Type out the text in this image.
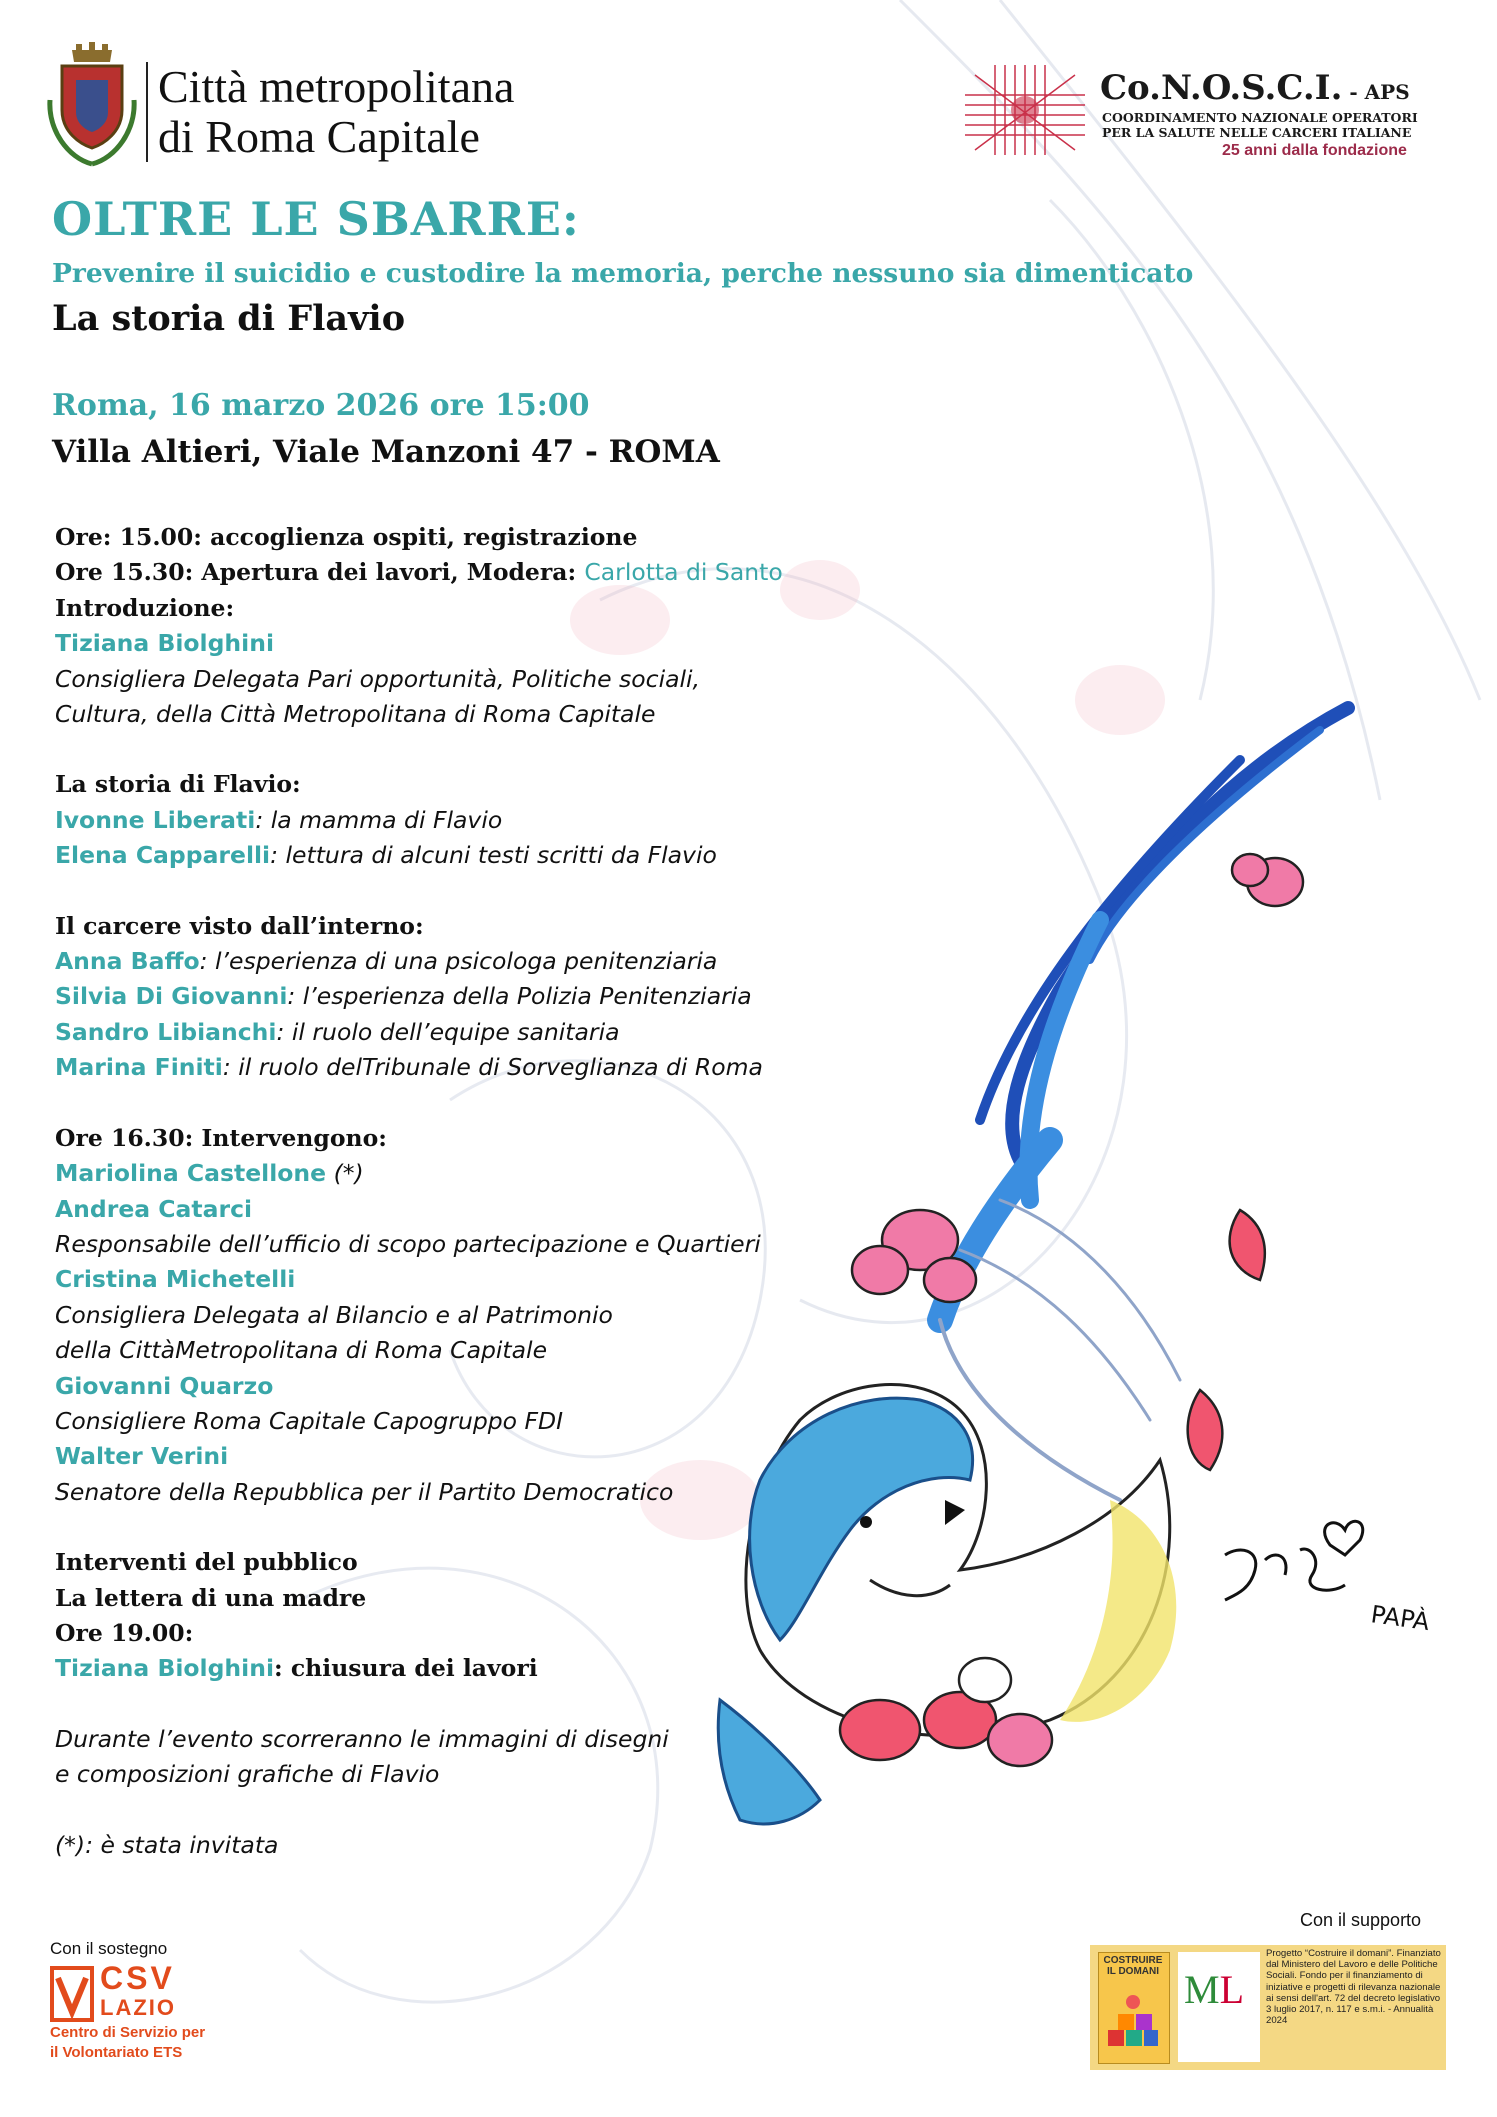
PAPÀ
Città metropolitana
di Roma Capitale
Co.N.O.S.C.I. - APS
COORDINAMENTO NAZIONALE OPERATORI
PER LA SALUTE NELLE CARCERI ITALIANE
25 anni dalla fondazione
OLTRE LE SBARRE:
Prevenire il suicidio e custodire la memoria, perche nessuno sia dimenticato
La storia di Flavio
Roma, 16 marzo 2026 ore 15:00
Villa Altieri, Viale Manzoni 47 - ROMA
Ore: 15.00: accoglienza ospiti, registrazione
Ore 15.30: Apertura dei lavori, Modera: Carlotta di Santo
Introduzione:
Tiziana Biolghini
Consigliera Delegata Pari opportunità, Politiche sociali,
Cultura, della Città Metropolitana di Roma Capitale
La storia di Flavio:
Ivonne Liberati: la mamma di Flavio
Elena Capparelli: lettura di alcuni testi scritti da Flavio
Il carcere visto dall’interno:
Anna Baffo: l’esperienza di una psicologa penitenziaria
Silvia Di Giovanni: l’esperienza della Polizia Penitenziaria
Sandro Libianchi: il ruolo dell’equipe sanitaria
Marina Finiti: il ruolo delTribunale di Sorveglianza di Roma
Ore 16.30: Intervengono:
Mariolina Castellone (*)
Andrea Catarci
Responsabile dell’ufficio di scopo partecipazione e Quartieri
Cristina Michetelli
Consigliera Delegata al Bilancio e al Patrimonio
della CittàMetropolitana di Roma Capitale
Giovanni Quarzo
Consigliere Roma Capitale Capogruppo FDI
Walter Verini
Senatore della Repubblica per il Partito Democratico
Interventi del pubblico
La lettera di una madre
Ore 19.00:
Tiziana Biolghini: chiusura dei lavori
Durante l’evento scorreranno le immagini di disegni
e composizioni grafiche di Flavio
(*): è stata invitata
Con il sostegno
CSV
LAZIO
Centro di Servizio per
il Volontariato ETS
Con il supporto
COSTRUIRE IL DOMANI ML
Progetto “Costruire il domani”. Finanziato dal Ministero del Lavoro e delle Politiche Sociali. Fondo per il finanziamento di iniziative e progetti di rilevanza nazionale ai sensi dell'art. 72 del decreto legislativo 3 luglio 2017, n. 117 e s.m.i. - Annualità 2024
